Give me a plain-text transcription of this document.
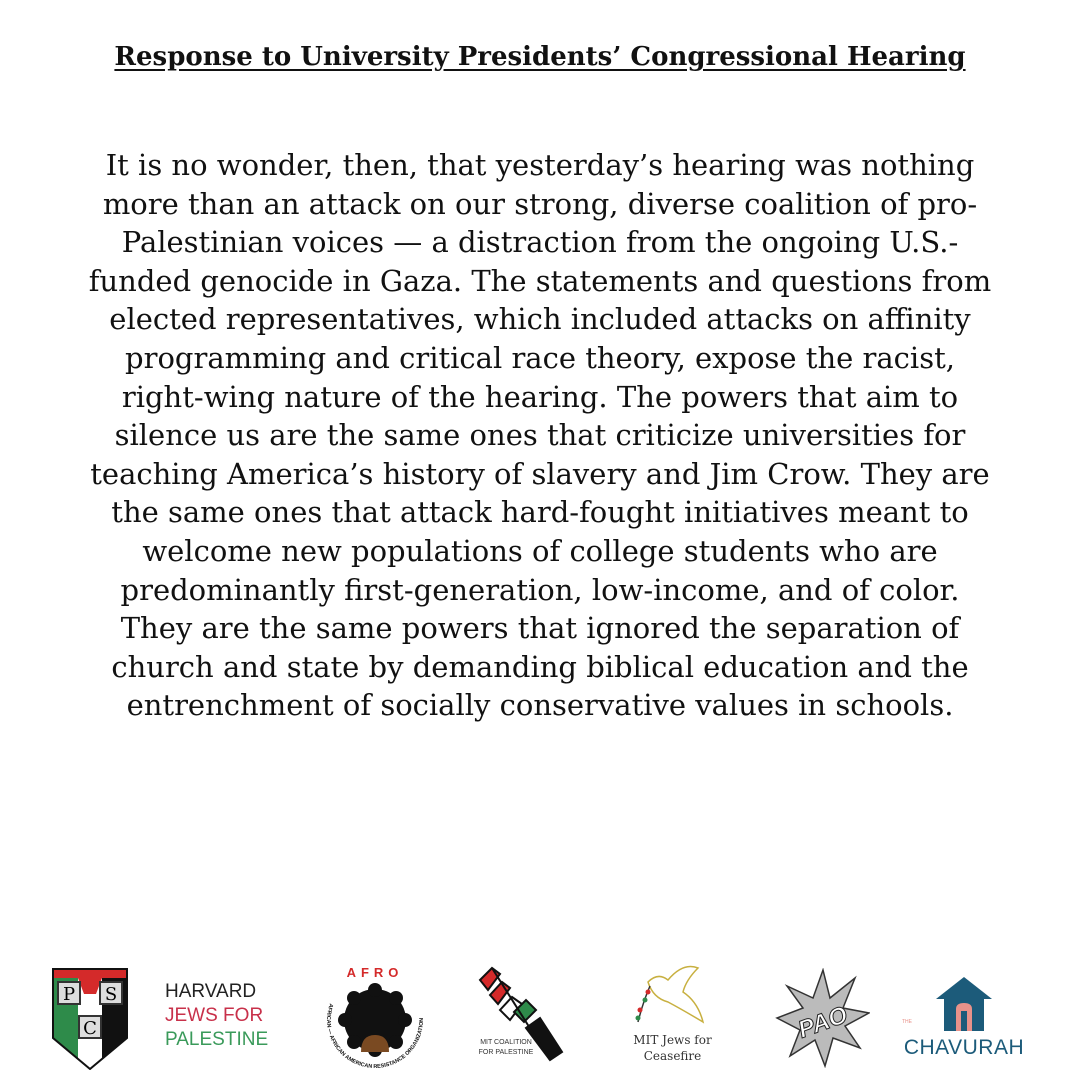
Response to University Presidents’ Congressional Hearing
It is no wonder, then, that yesterday’s hearing was nothing
more than an attack on our strong, diverse coalition of pro-
Palestinian voices — a distraction from the ongoing U.S.-
funded genocide in Gaza. The statements and questions from
elected representatives, which included attacks on affinity
programming and critical race theory, expose the racist,
right-wing nature of the hearing. The powers that aim to
silence us are the same ones that criticize universities for
teaching America’s history of slavery and Jim Crow. They are
the same ones that attack hard-fought initiatives meant to
welcome new populations of college students who are
predominantly first-generation, low-income, and of color.
They are the same powers that ignored the separation of
church and state by demanding biblical education and the
entrenchment of socially conservative values in schools.
P S
C
HARVARD
JEWS FOR
PALESTINE
AFRO
AFRICAN — AFRICAN AMERICAN RESISTANCE ORGANIZATION
MIT COALITION
FOR PALESTINE
MIT Jews for
Ceasefire
PAO
CHAVURAH
THE
